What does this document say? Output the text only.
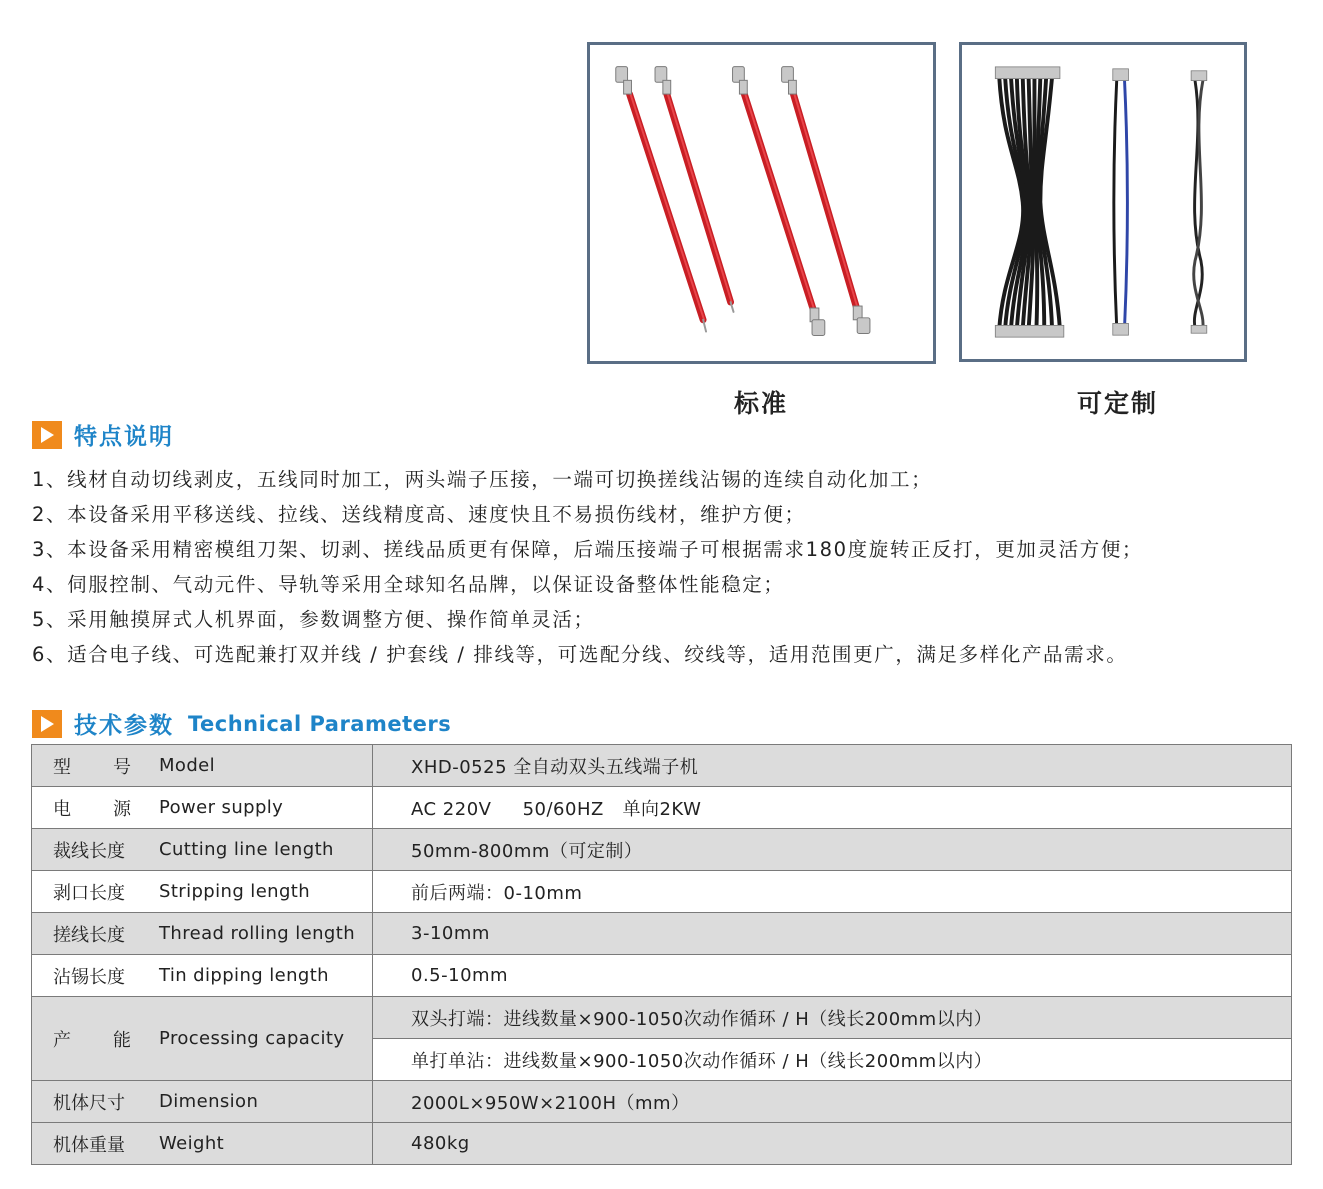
标准	可定制
特点说明
1、线材自动切线剥皮，五线同时加工，两头端子压接，一端可切换搓线沾锡的连续自动化加工；
2、本设备采用平移送线、拉线、送线精度高、速度快且不易损伤线材，维护方便；
3、本设备采用精密模组刀架、切剥、搓线品质更有保障，后端压接端子可根据需求180度旋转正反打，更加灵活方便；
4、伺服控制、气动元件、导轨等采用全球知名品牌，以保证设备整体性能稳定；
5、采用触摸屏式人机界面，参数调整方便、操作简单灵活；
6、适合电子线、可选配兼打双并线 / 护套线 / 排线等，可选配分线、绞线等，适用范围更广，满足多样化产品需求。
技术参数 Technical Parameters
型 号 Model	XHD-0525 全自动双头五线端子机

电 源 Power supply	AC 220V     50/60HZ   单向2KW

裁线长度 Cutting line length	50mm-800mm（可定制）

剥口长度 Stripping length	前后两端：0-10mm

搓线长度 Thread rolling length	3-10mm

沾锡长度 Tin dipping length	0.5-10mm

产 能 Processing capacity	双头打端：进线数量×900-1050次动作循环 / H（线长200mm以内）
	单打单沾：进线数量×900-1050次动作循环 / H（线长200mm以内）

机体尺寸 Dimension	2000L×950W×2100H（mm）

机体重量 Weight	480kg
